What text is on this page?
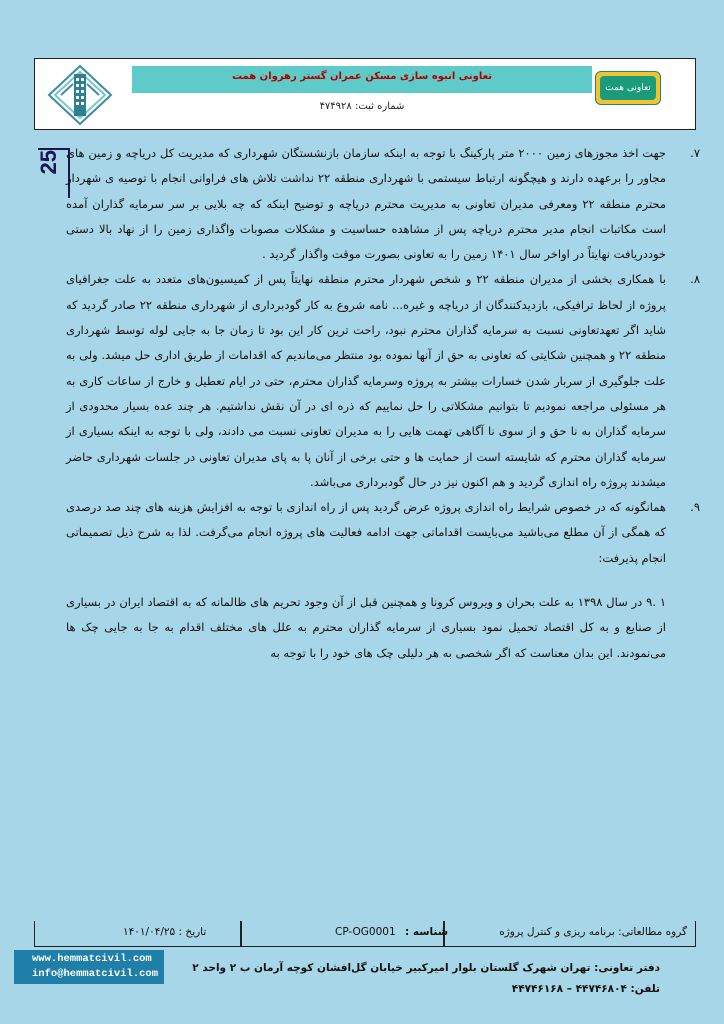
تعاونی انبوه سازی مسکن عمران گستر رهروان همت
شماره ثبت: ۴۷۴۹۲۸
تعاونی همت
25	۷.
جهت اخذ مجوزهای زمین ۲۰۰۰ متر پارکینگ با توجه به اینکه سازمان بازنشستگان شهرداری که مدیریت کل دریاچه و زمین های مجاور را برعهده دارند و هیچگونه ارتباط سیستمی با شهرداری منطقه ۲۲ نداشت تلاش های فراوانی انجام با توصیه ی شهردار محترم منطقه ۲۲ ومعرفی مدیران تعاونی به مدیریت محترم دریاچه و توضیح اینکه که چه بلایی بر سر سرمایه گذاران آمده است مکاتبات انجام مدیر محترم دریاچه پس از مشاهده حساسیت و مشکلات مصوبات واگذاری زمین را از نهاد بالا دستی خوددریافت نهایتاً در اواخر سال ۱۴۰۱ زمین را به تعاونی بصورت موقت واگذار گردید .
۸.
با همکاری بخشی از مدیران منطقه ۲۲ و شخص شهردار محترم منطقه نهایتاً پس از کمیسیون‌های متعدد به علت جغرافیای پروژه از لحاظ ترافیکی، بازدیدکنندگان از دریاچه و غیره... نامه شروع به کار گودبرداری از شهرداری منطقه ۲۲ صادر گردید که شاید اگر تعهدتعاونی نسبت به سرمایه گذاران محترم نبود، راحت ترین کار این بود تا زمان جا به جایی لوله توسط شهرداری منطقه ۲۲ و همچنین شکایتی که تعاونی به حق از آنها نموده بود منتظر می‌ماندیم که اقدامات از طریق اداری حل میشد. ولی به علت جلوگیری از سربار شدن خسارات بیشتر به پروژه وسرمایه گذاران محترم، حتی در ایام تعطیل و خارج از ساعات کاری به هر مسئولی مراجعه نمودیم تا بتوانیم مشکلاتی را حل نماییم که ذره ای در آن نقش نداشتیم. هر چند عده بسیار محدودی از سرمایه گذاران به نا حق و از سوی نا آگاهی تهمت هایی را به مدیران تعاونی نسبت می دادند، ولی با توجه به اینکه بسیاری از سرمایه گذاران محترم که شایسته است از حمایت ها و حتی برخی از آنان پا به پای مدیران تعاونی در جلسات شهرداری حاضر میشدند پروژه راه اندازی گردید و هم اکنون نیز در حال گودبرداری می‌باشد.
۹.
همانگونه که در خصوص شرایط راه اندازی پروژه عرض گردید پس از راه اندازی با توجه به افزایش هزینه های چند صد درصدی که همگی از آن مطلع می‌باشید می‌بایست اقداماتی جهت ادامه فعالیت های پروژه انجام می‌گرفت. لذا به شرح ذیل تصمیماتی انجام پذیرفت:
۱ .۹ در سال ۱۳۹۸ به علت بحران و ویروس کرونا و همچنین قبل از آن وجود تحریم های ظالمانه که به اقتصاد ایران در بسیاری از صنایع و به کل اقتصاد تحمیل نمود بسیاری از سرمایه گذاران محترم به علل های مختلف اقدام به جا به جایی چک ها می‌نمودند. این بدان معناست که اگر شخصی به هر دلیلی چک های خود را با توجه به
گروه مطالعاتی: برنامه ریزی و کنترل پروژه
CP-OG0001 شناسه :
تاریخ : ۱۴۰۱/۰۴/۲۵
www.hemmatcivil.com
info@hemmatcivil.com	دفتر تعاونی: تهران شهرک گلستان بلوار امیرکبیر خیابان گل‌افشان کوچه آرمان ب ۲ واحد ۲
تلفن: ۴۴۷۴۶۸۰۴ – ۴۴۷۴۶۱۶۸
